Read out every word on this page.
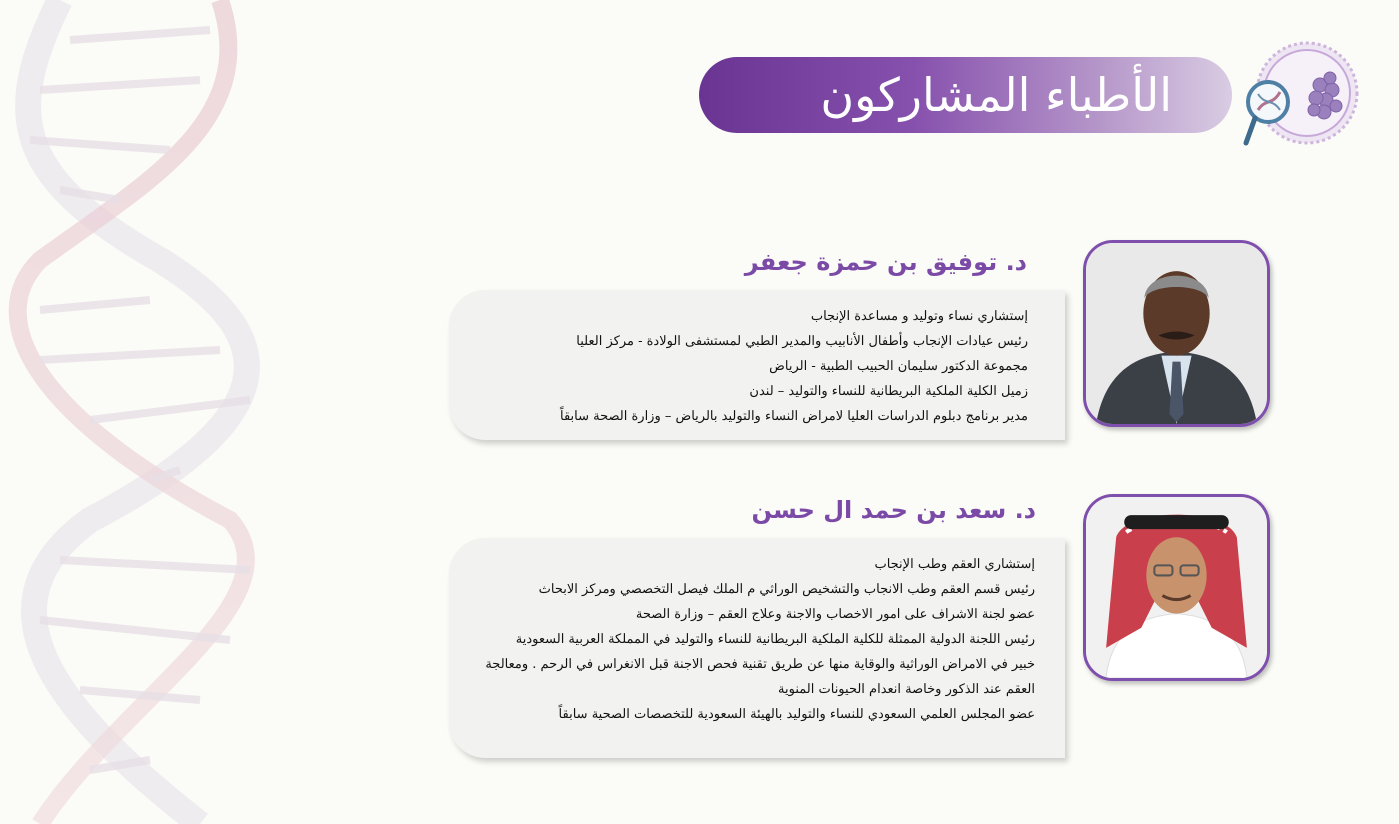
الأطباء المشاركون
د. توفيق بن حمزة جعفر
إستشاري نساء وتوليد و مساعدة الإنجاب
رئيس عيادات الإنجاب وأطفال الأنابيب والمدير الطبي لمستشفى الولادة - مركز العليا
مجموعة الدكتور سليمان الحبيب الطبية - الرياض
زميل الكلية الملكية البريطانية للنساء والتوليد – لندن
مدير برنامج دبلوم الدراسات العليا لامراض النساء والتوليد بالرياض – وزارة الصحة سابقاً
د. سعد بن حمد ال حسن
إستشاري العقم وطب الإنجاب
رئيس قسم العقم وطب الانجاب والتشخيص الوراثي م الملك فيصل التخصصي ومركز الابحاث
عضو لجنة الاشراف على امور الاخصاب والاجنة وعلاج العقم – وزارة الصحة
رئيس اللجنة الدولية الممثلة للكلية الملكية البريطانية للنساء والتوليد في المملكة العربية السعودية
خبير في الامراض الوراثية والوقاية منها عن طريق تقنية فحص الاجنة قبل الانغراس في الرحم . ومعالجة
العقم عند الذكور وخاصة انعدام الحيونات المنوية
عضو المجلس العلمي السعودي للنساء والتوليد بالهيئة السعودية للتخصصات الصحية سابقاً
